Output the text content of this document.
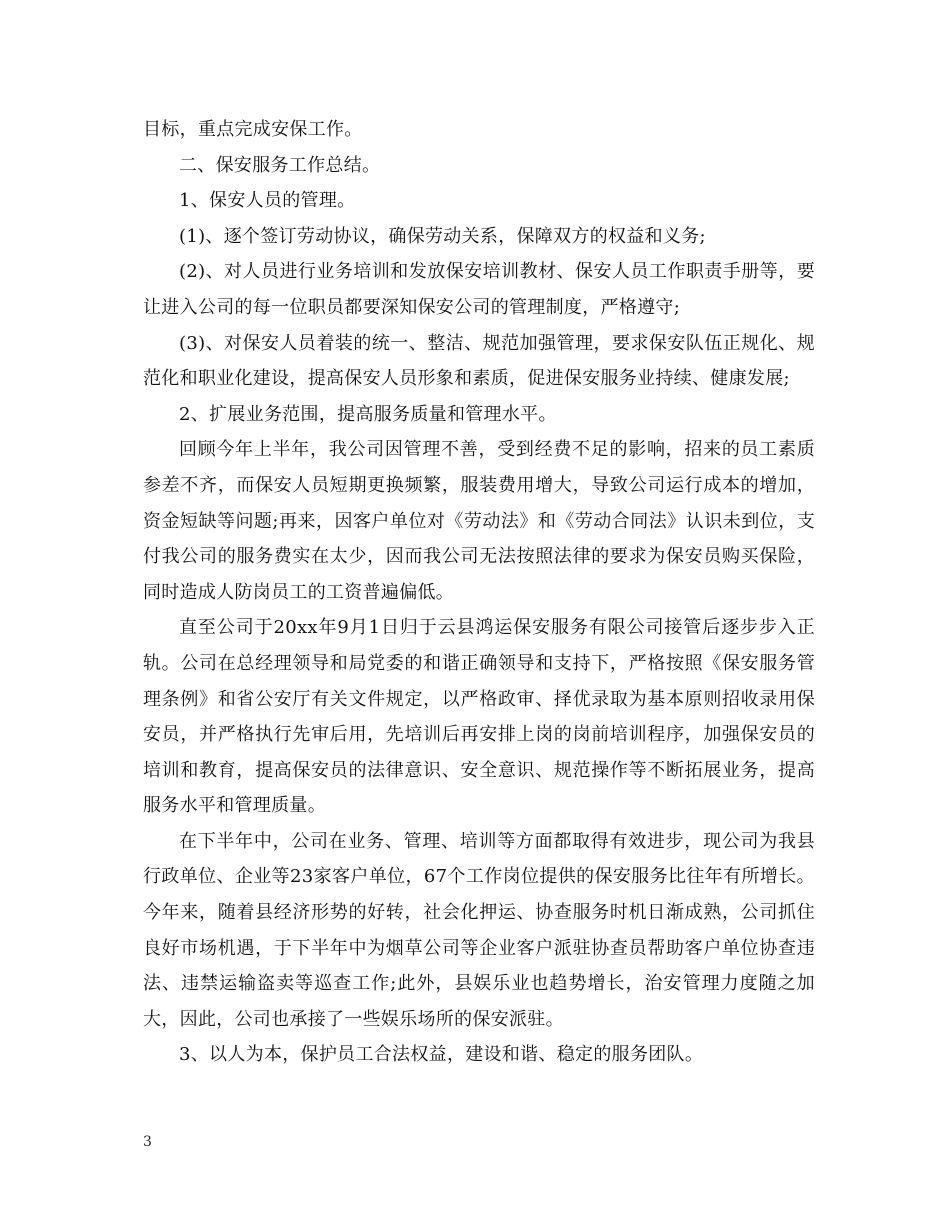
目标，重点完成安保工作。

二、保安服务工作总结。

1、保安人员的管理。

(1)、逐个签订劳动协议，确保劳动关系，保障双方的权益和义务;

(2)、对人员进行业务培训和发放保安培训教材、保安人员工作职责手册等，要让进入公司的每一位职员都要深知保安公司的管理制度，严格遵守;

(3)、对保安人员着装的统一、整洁、规范加强管理，要求保安队伍正规化、规范化和职业化建设，提高保安人员形象和素质，促进保安服务业持续、健康发展;

2、扩展业务范围，提高服务质量和管理水平。

回顾今年上半年，我公司因管理不善，受到经费不足的影响，招来的员工素质参差不齐，而保安人员短期更换频繁，服装费用增大，导致公司运行成本的增加，资金短缺等问题;再来，因客户单位对《劳动法》和《劳动合同法》认识未到位，支付我公司的服务费实在太少，因而我公司无法按照法律的要求为保安员购买保险，同时造成人防岗员工的工资普遍偏低。

直至公司于20xx年9月1日归于云县鸿运保安服务有限公司接管后逐步步入正轨。公司在总经理领导和局党委的和谐正确领导和支持下，严格按照《保安服务管理条例》和省公安厅有关文件规定，以严格政审、择优录取为基本原则招收录用保安员，并严格执行先审后用，先培训后再安排上岗的岗前培训程序，加强保安员的培训和教育，提高保安员的法律意识、安全意识、规范操作等不断拓展业务，提高服务水平和管理质量。

在下半年中，公司在业务、管理、培训等方面都取得有效进步，现公司为我县行政单位、企业等23家客户单位，67个工作岗位提供的保安服务比往年有所增长。今年来，随着县经济形势的好转，社会化押运、协查服务时机日渐成熟，公司抓住良好市场机遇，于下半年中为烟草公司等企业客户派驻协查员帮助客户单位协查违法、违禁运输盗卖等巡查工作;此外，县娱乐业也趋势增长，治安管理力度随之加大，因此，公司也承接了一些娱乐场所的保安派驻。

3、以人为本，保护员工合法权益，建设和谐、稳定的服务团队。

3
